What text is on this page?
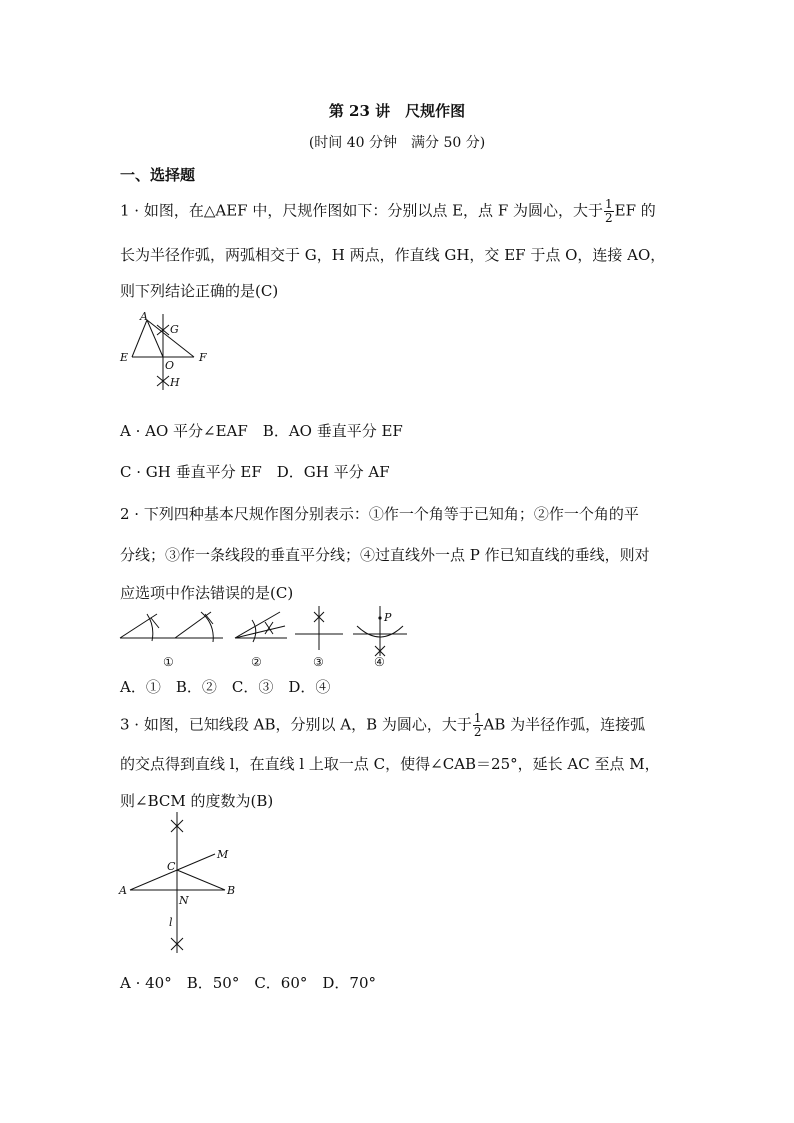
第 23 讲　尺规作图
(时间 40 分钟　满分 50 分)
一、选择题
1 · 如图，在△AEF 中，尺规作图如下：分别以点 E，点 F 为圆心，大于 $\frac{1}{2}$ EF 的
长为半径作弧，两弧相交于 G，H 两点，作直线 GH，交 EF 于点 O，连接 AO，
则下列结论正确的是(C)
A
G
E
O
F
H
A · AO 平分∠EAF　B．AO 垂直平分 EF
C · GH 垂直平分 EF　D．GH 平分 AF
2 · 下列四种基本尺规作图分别表示：①作一个角等于已知角；②作一个角的平
分线；③作一条线段的垂直平分线；④过直线外一点 P 作已知直线的垂线，则对
应选项中作法错误的是(C)
P
①	②	③	④
A．①　B．②　C．③　D．④
3 · 如图，已知线段 AB，分别以 A，B 为圆心，大于 $\frac{1}{2}$ AB 为半径作弧，连接弧
的交点得到直线 l，在直线 l 上取一点 C，使得∠CAB＝25°，延长 AC 至点 M，
则∠BCM 的度数为(B)
C
M
A
N
B
l
A · 40°　B．50°　C．60°　D．70°
